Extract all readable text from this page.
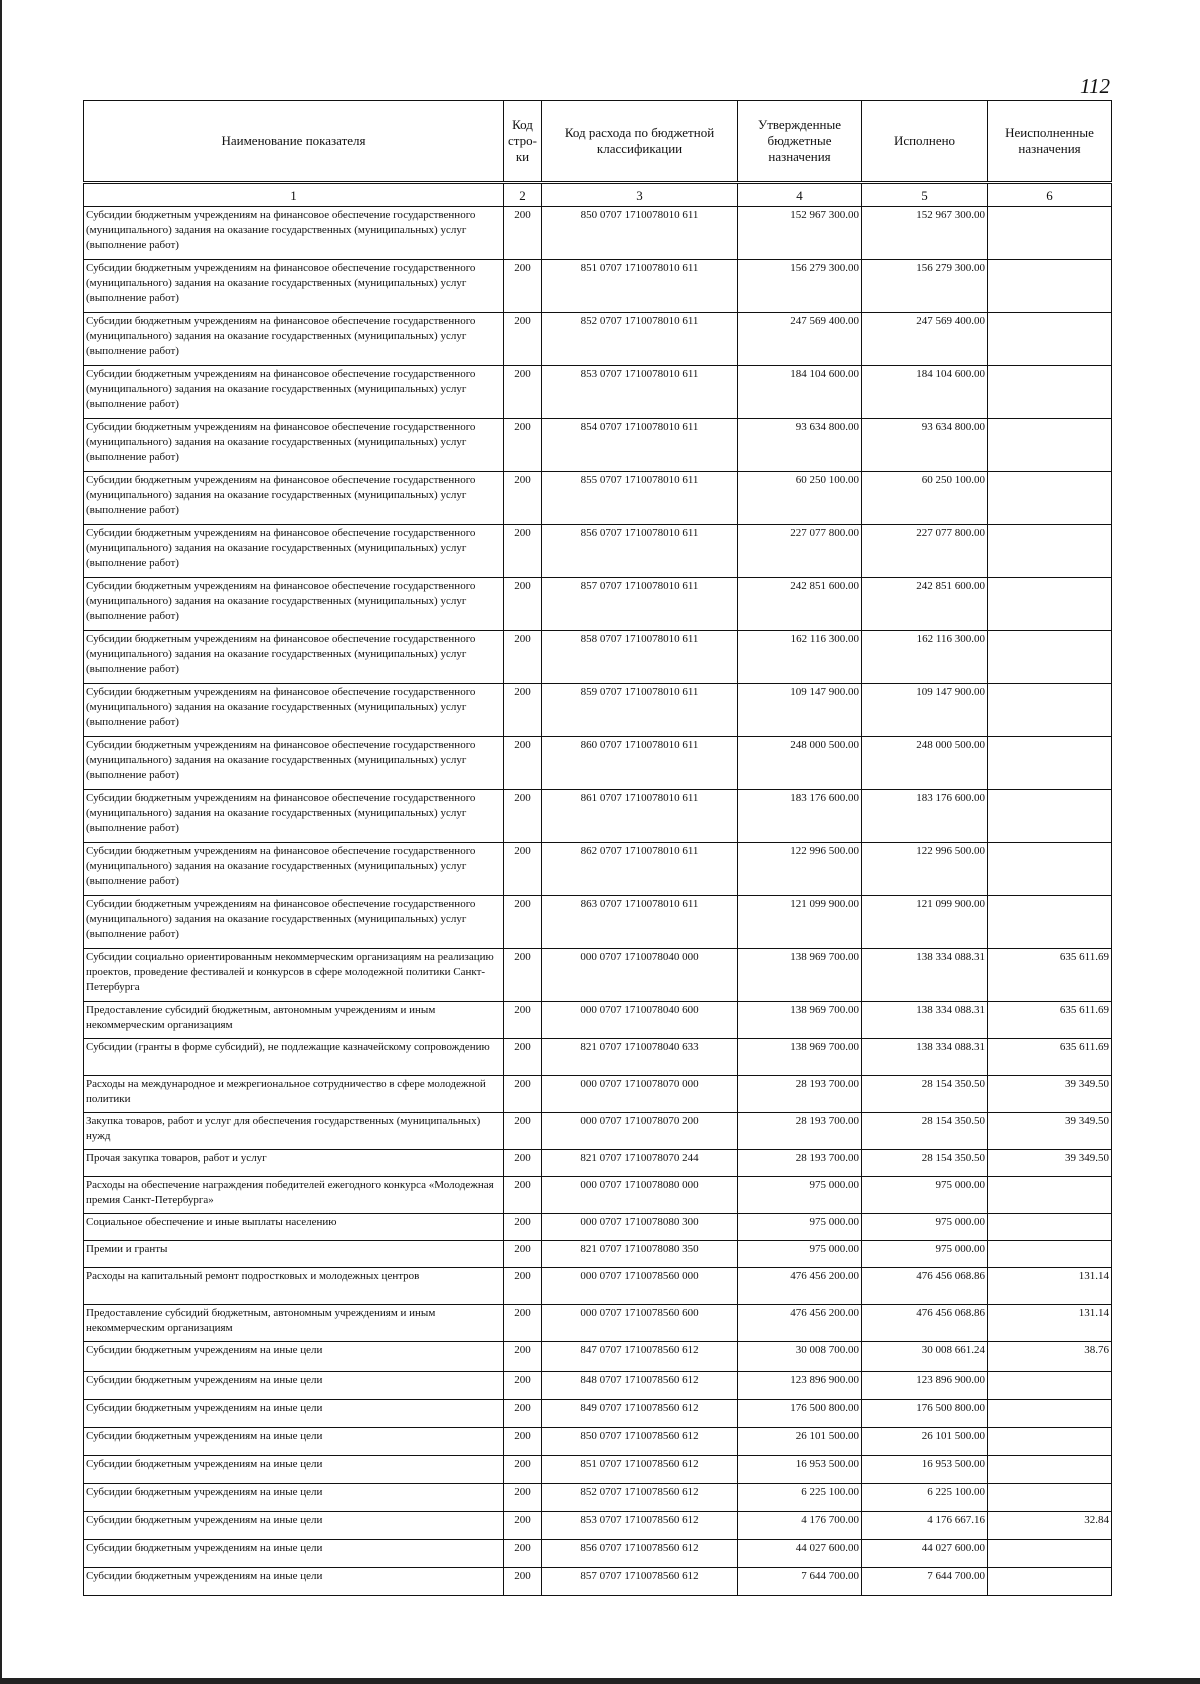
112
Наименование показателя	Код стро-ки	Код расхода по бюджетной классификации	Утвержденные бюджетные назначения	Исполнено	Неисполненные назначения
1	2	3	4	5	6
Субсидии бюджетным учреждениям на финансовое обеспечение государственного (муниципального) задания на оказание государственных (муниципальных) услуг (выполнение работ)	200	850 0707 1710078010 611	152 967 300.00	152 967 300.00	
Субсидии бюджетным учреждениям на финансовое обеспечение государственного (муниципального) задания на оказание государственных (муниципальных) услуг (выполнение работ)	200	851 0707 1710078010 611	156 279 300.00	156 279 300.00	
Субсидии бюджетным учреждениям на финансовое обеспечение государственного (муниципального) задания на оказание государственных (муниципальных) услуг (выполнение работ)	200	852 0707 1710078010 611	247 569 400.00	247 569 400.00	
Субсидии бюджетным учреждениям на финансовое обеспечение государственного (муниципального) задания на оказание государственных (муниципальных) услуг (выполнение работ)	200	853 0707 1710078010 611	184 104 600.00	184 104 600.00	
Субсидии бюджетным учреждениям на финансовое обеспечение государственного (муниципального) задания на оказание государственных (муниципальных) услуг (выполнение работ)	200	854 0707 1710078010 611	93 634 800.00	93 634 800.00	
Субсидии бюджетным учреждениям на финансовое обеспечение государственного (муниципального) задания на оказание государственных (муниципальных) услуг (выполнение работ)	200	855 0707 1710078010 611	60 250 100.00	60 250 100.00	
Субсидии бюджетным учреждениям на финансовое обеспечение государственного (муниципального) задания на оказание государственных (муниципальных) услуг (выполнение работ)	200	856 0707 1710078010 611	227 077 800.00	227 077 800.00	
Субсидии бюджетным учреждениям на финансовое обеспечение государственного (муниципального) задания на оказание государственных (муниципальных) услуг (выполнение работ)	200	857 0707 1710078010 611	242 851 600.00	242 851 600.00	
Субсидии бюджетным учреждениям на финансовое обеспечение государственного (муниципального) задания на оказание государственных (муниципальных) услуг (выполнение работ)	200	858 0707 1710078010 611	162 116 300.00	162 116 300.00	
Субсидии бюджетным учреждениям на финансовое обеспечение государственного (муниципального) задания на оказание государственных (муниципальных) услуг (выполнение работ)	200	859 0707 1710078010 611	109 147 900.00	109 147 900.00	
Субсидии бюджетным учреждениям на финансовое обеспечение государственного (муниципального) задания на оказание государственных (муниципальных) услуг (выполнение работ)	200	860 0707 1710078010 611	248 000 500.00	248 000 500.00	
Субсидии бюджетным учреждениям на финансовое обеспечение государственного (муниципального) задания на оказание государственных (муниципальных) услуг (выполнение работ)	200	861 0707 1710078010 611	183 176 600.00	183 176 600.00	
Субсидии бюджетным учреждениям на финансовое обеспечение государственного (муниципального) задания на оказание государственных (муниципальных) услуг (выполнение работ)	200	862 0707 1710078010 611	122 996 500.00	122 996 500.00	
Субсидии бюджетным учреждениям на финансовое обеспечение государственного (муниципального) задания на оказание государственных (муниципальных) услуг (выполнение работ)	200	863 0707 1710078010 611	121 099 900.00	121 099 900.00	
Субсидии социально ориентированным некоммерческим организациям на реализацию проектов, проведение фестивалей и конкурсов в сфере молодежной политики Санкт-Петербурга	200	000 0707 1710078040 000	138 969 700.00	138 334 088.31	635 611.69
Предоставление субсидий бюджетным, автономным учреждениям и иным некоммерческим организациям	200	000 0707 1710078040 600	138 969 700.00	138 334 088.31	635 611.69
Субсидии (гранты в форме субсидий), не подлежащие казначейскому сопровождению	200	821 0707 1710078040 633	138 969 700.00	138 334 088.31	635 611.69
Расходы на международное и межрегиональное сотрудничество в сфере молодежной политики	200	000 0707 1710078070 000	28 193 700.00	28 154 350.50	39 349.50
Закупка товаров, работ и услуг для обеспечения государственных (муниципальных) нужд	200	000 0707 1710078070 200	28 193 700.00	28 154 350.50	39 349.50
Прочая закупка товаров, работ и услуг	200	821 0707 1710078070 244	28 193 700.00	28 154 350.50	39 349.50
Расходы на обеспечение награждения победителей ежегодного конкурса «Молодежная премия Санкт-Петербурга»	200	000 0707 1710078080 000	975 000.00	975 000.00	
Социальное обеспечение и иные выплаты населению	200	000 0707 1710078080 300	975 000.00	975 000.00	
Премии и гранты	200	821 0707 1710078080 350	975 000.00	975 000.00	
Расходы на капитальный ремонт подростковых и молодежных центров	200	000 0707 1710078560 000	476 456 200.00	476 456 068.86	131.14
Предоставление субсидий бюджетным, автономным учреждениям и иным некоммерческим организациям	200	000 0707 1710078560 600	476 456 200.00	476 456 068.86	131.14
Субсидии бюджетным учреждениям на иные цели	200	847 0707 1710078560 612	30 008 700.00	30 008 661.24	38.76
Субсидии бюджетным учреждениям на иные цели	200	848 0707 1710078560 612	123 896 900.00	123 896 900.00	
Субсидии бюджетным учреждениям на иные цели	200	849 0707 1710078560 612	176 500 800.00	176 500 800.00	
Субсидии бюджетным учреждениям на иные цели	200	850 0707 1710078560 612	26 101 500.00	26 101 500.00	
Субсидии бюджетным учреждениям на иные цели	200	851 0707 1710078560 612	16 953 500.00	16 953 500.00	
Субсидии бюджетным учреждениям на иные цели	200	852 0707 1710078560 612	6 225 100.00	6 225 100.00	
Субсидии бюджетным учреждениям на иные цели	200	853 0707 1710078560 612	4 176 700.00	4 176 667.16	32.84
Субсидии бюджетным учреждениям на иные цели	200	856 0707 1710078560 612	44 027 600.00	44 027 600.00	
Субсидии бюджетным учреждениям на иные цели	200	857 0707 1710078560 612	7 644 700.00	7 644 700.00	
